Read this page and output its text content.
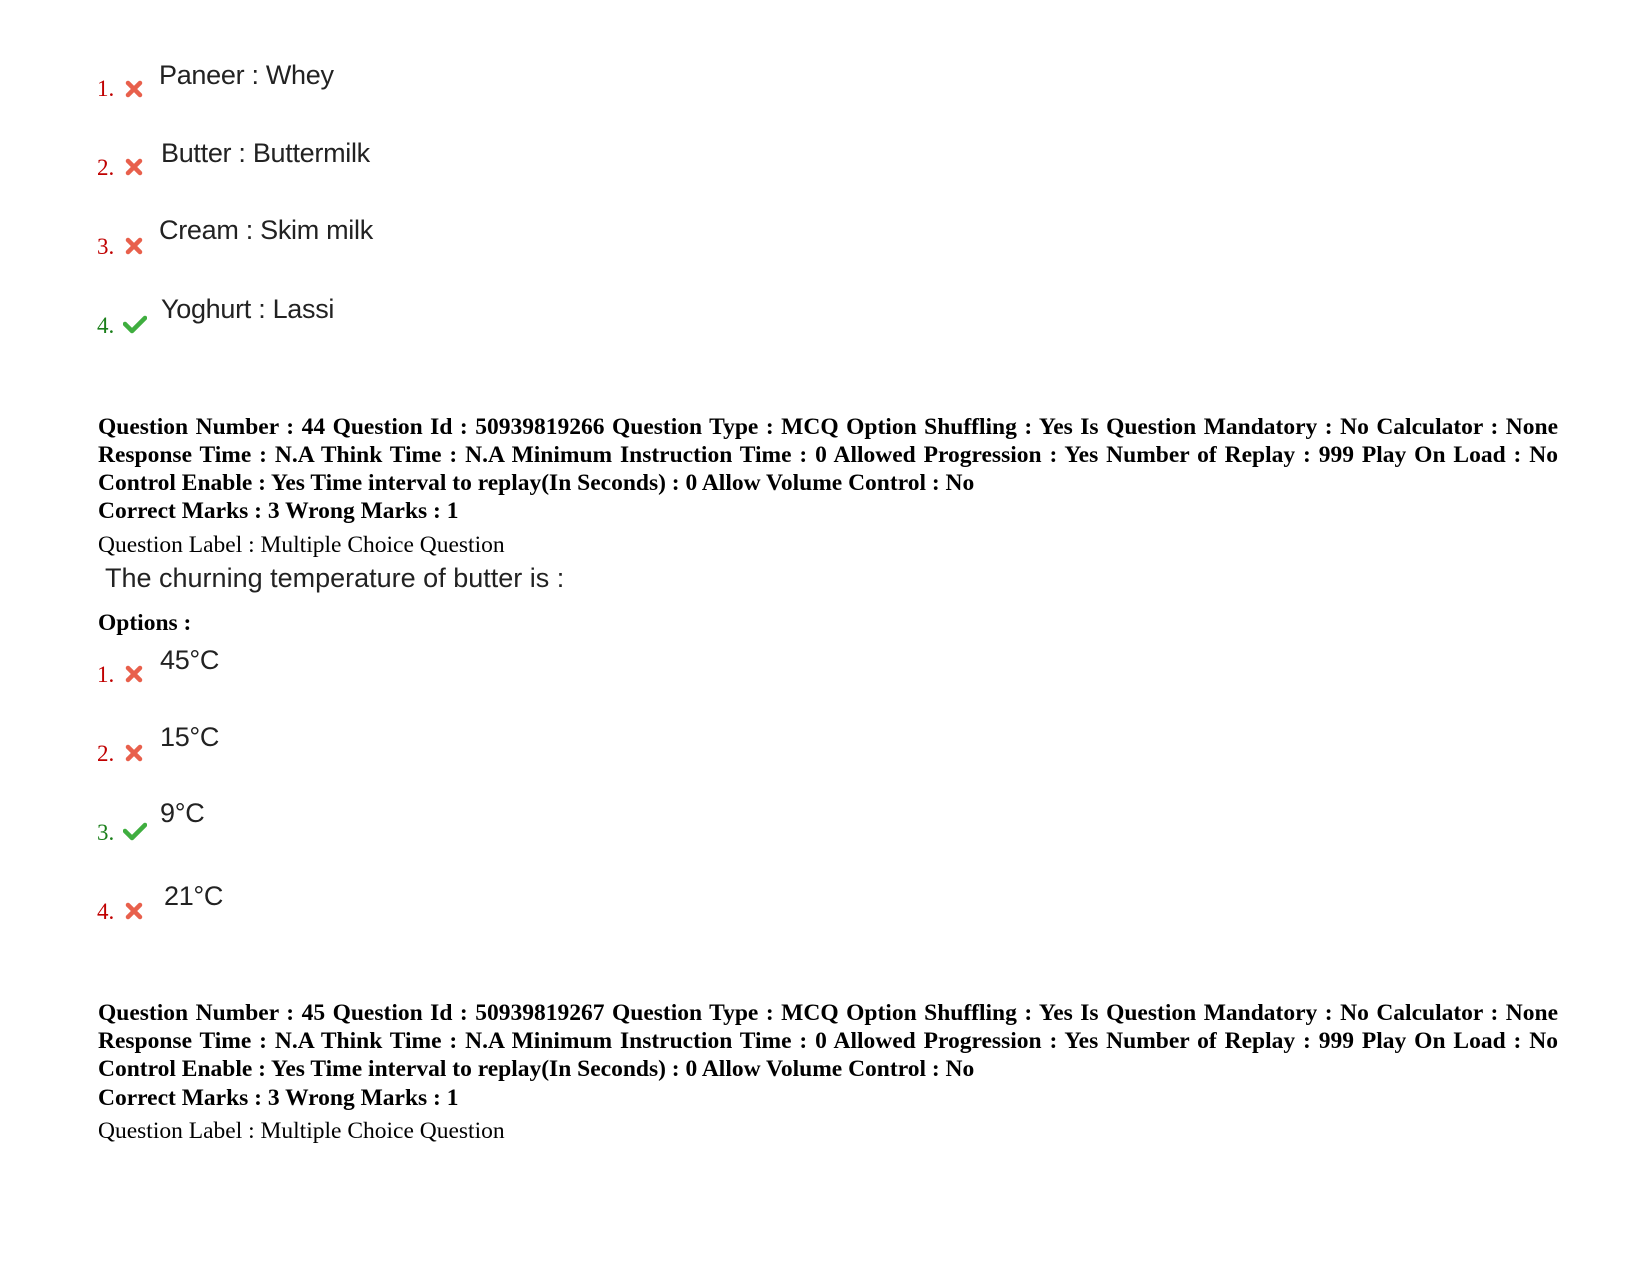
1. Paneer : Whey
2. Butter : Buttermilk
3.
Cream : Skim milk
4.
Yoghurt : Lassi
Question Number : 44 Question Id : 50939819266 Question Type : MCQ Option Shuffling : Yes Is Question Mandatory : No Calculator : None Response Time : N.A Think Time : N.A Minimum Instruction Time : 0 Allowed Progression : Yes Number of Replay : 999 Play On Load : No Control Enable : Yes Time interval to replay(In Seconds) : 0 Allow Volume Control : No
Correct Marks : 3 Wrong Marks : 1
Question Label : Multiple Choice Question
The churning temperature of butter is :
Options :
1. 45°C
2.
15°C
3.
9°C
4.
21°C
Question Number : 45 Question Id : 50939819267 Question Type : MCQ Option Shuffling : Yes Is Question Mandatory : No Calculator : None Response Time : N.A Think Time : N.A Minimum Instruction Time : 0 Allowed Progression : Yes Number of Replay : 999 Play On Load : No Control Enable : Yes Time interval to replay(In Seconds) : 0 Allow Volume Control : No
Correct Marks : 3 Wrong Marks : 1
Question Label : Multiple Choice Question
